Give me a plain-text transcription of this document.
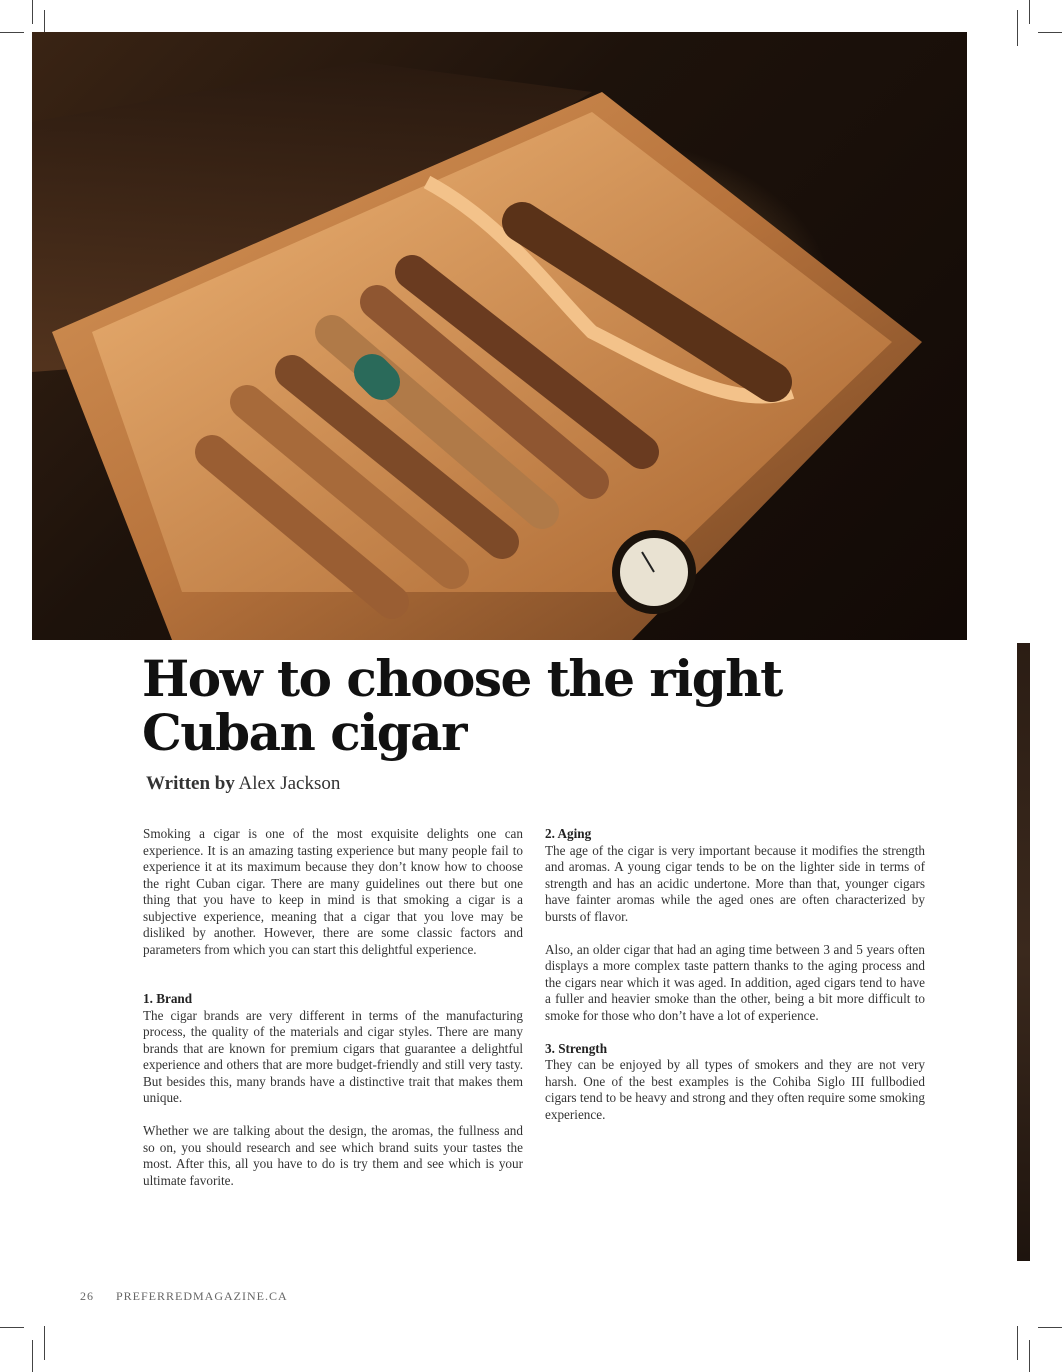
How to choose the right Cuban cigar

Written by Alex Jackson

Smoking a cigar is one of the most exquisite delights one can experience. It is an amazing tasting experience but many people fail to experience it at its maximum because they don’t know how to choose the right Cuban cigar. There are many guidelines out there but one thing that you have to keep in mind is that smoking a cigar is a subjective experience, meaning that a cigar that you love may be disliked by another. However, there are some classic factors and parameters from which you can start this delightful experience.

1. Brand

The cigar brands are very different in terms of the manufacturing process, the quality of the materials and cigar styles. There are many brands that are known for premium cigars that guarantee a delightful experience and others that are more budget-friendly and still very tasty. But besides this, many brands have a distinctive trait that makes them unique.

Whether we are talking about the design, the aromas, the fullness and so on, you should research and see which brand suits your tastes the most. After this, all you have to do is try them and see which is your ultimate favorite.

2. Aging

The age of the cigar is very important because it modifies the strength and aromas. A young cigar tends to be on the lighter side in terms of strength and has an acidic undertone. More than that, younger cigars have fainter aromas while the aged ones are often characterized by bursts of flavor.

Also, an older cigar that had an aging time between 3 and 5 years often displays a more complex taste pattern thanks to the aging process and the cigars near which it was aged. In addition, aged cigars tend to have a fuller and heavier smoke than the other, being a bit more difficult to smoke for those who don’t have a lot of experience.

3. Strength

They can be enjoyed by all types of smokers and they are not very harsh. One of the best examples is the Cohiba Siglo III fullbodied cigars tend to be heavy and strong and they often require some smoking experience.

26 PREFERREDMAGAZINE.CA
